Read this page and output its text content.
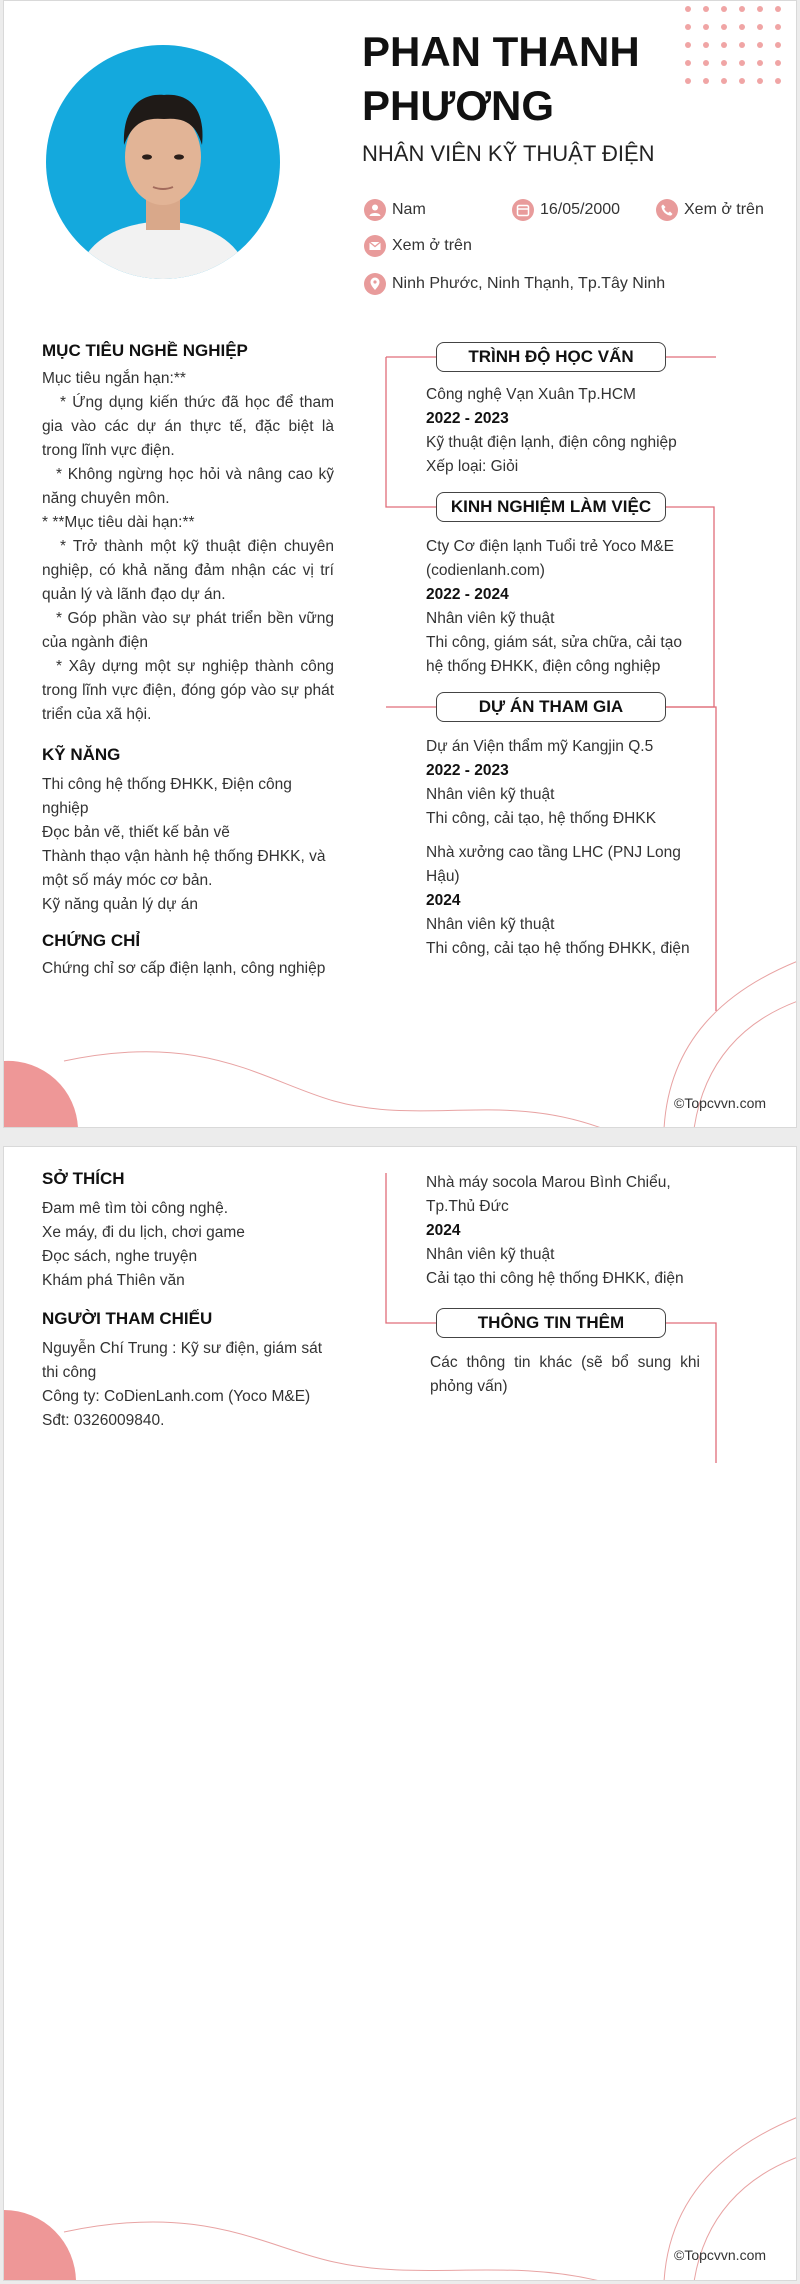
PHAN THANH PHƯƠNG
NHÂN VIÊN KỸ THUẬT ĐIỆN
Nam	16/05/2000	Xem ở trên
Xem ở trên
Ninh Phước, Ninh Thạnh, Tp.Tây Ninh
MỤC TIÊU NGHỀ NGHIỆP

Mục tiêu ngắn hạn:**

* Ứng dụng kiến thức đã học để tham gia vào các dự án thực tế, đặc biệt là trong lĩnh vực điện.

* Không ngừng học hỏi và nâng cao kỹ năng chuyên môn.

* **Mục tiêu dài hạn:**

* Trở thành một kỹ thuật điện chuyên nghiệp, có khả năng đảm nhận các vị trí quản lý và lãnh đạo dự án.

* Góp phần vào sự phát triển bền vững của ngành điện

* Xây dựng một sự nghiệp thành công trong lĩnh vực điện, đóng góp vào sự phát triển của xã hội.

KỸ NĂNG
Thi công hệ thống ĐHKK, Điện công nghiệp
Đọc bản vẽ, thiết kế bản vẽ
Thành thạo vận hành hệ thống ĐHKK, và một số máy móc cơ bản.
Kỹ năng quản lý dự án
CHỨNG CHỈ
Chứng chỉ sơ cấp điện lạnh, công nghiệp
TRÌNH ĐỘ HỌC VẤN
Công nghệ Vạn Xuân Tp.HCM
2022 - 2023
Kỹ thuật điện lạnh, điện công nghiệp
Xếp loại: Giỏi
KINH NGHIỆM LÀM VIỆC
Cty Cơ điện lạnh Tuổi trẻ Yoco M&E (codienlanh.com)
2022 - 2024
Nhân viên kỹ thuật
Thi công, giám sát, sửa chữa, cải tạo hệ thống ĐHKK, điện công nghiệp
DỰ ÁN THAM GIA
Dự án Viện thẩm mỹ Kangjin Q.5
2022 - 2023
Nhân viên kỹ thuật
Thi công, cải tạo, hệ thống ĐHKK
Nhà xưởng cao tầng LHC (PNJ Long Hậu)
2024
Nhân viên kỹ thuật
Thi công, cải tạo hệ thống ĐHKK, điện
©Topcvvn.com
SỞ THÍCH
Đam mê tìm tòi công nghệ.
Xe máy, đi du lịch, chơi game
Đọc sách, nghe truyện
Khám phá Thiên văn
NGƯỜI THAM CHIẾU
Nguyễn Chí Trung : Kỹ sư điện, giám sát thi công
Công ty: CoDienLanh.com (Yoco M&E)
Sđt: 0326009840.
Nhà máy socola Marou Bình Chiểu, Tp.Thủ Đức
2024
Nhân viên kỹ thuật
Cải tạo thi công hệ thống ĐHKK, điện
THÔNG TIN THÊM
Các thông tin khác (sẽ bổ sung khi phỏng vấn)
©Topcvvn.com
